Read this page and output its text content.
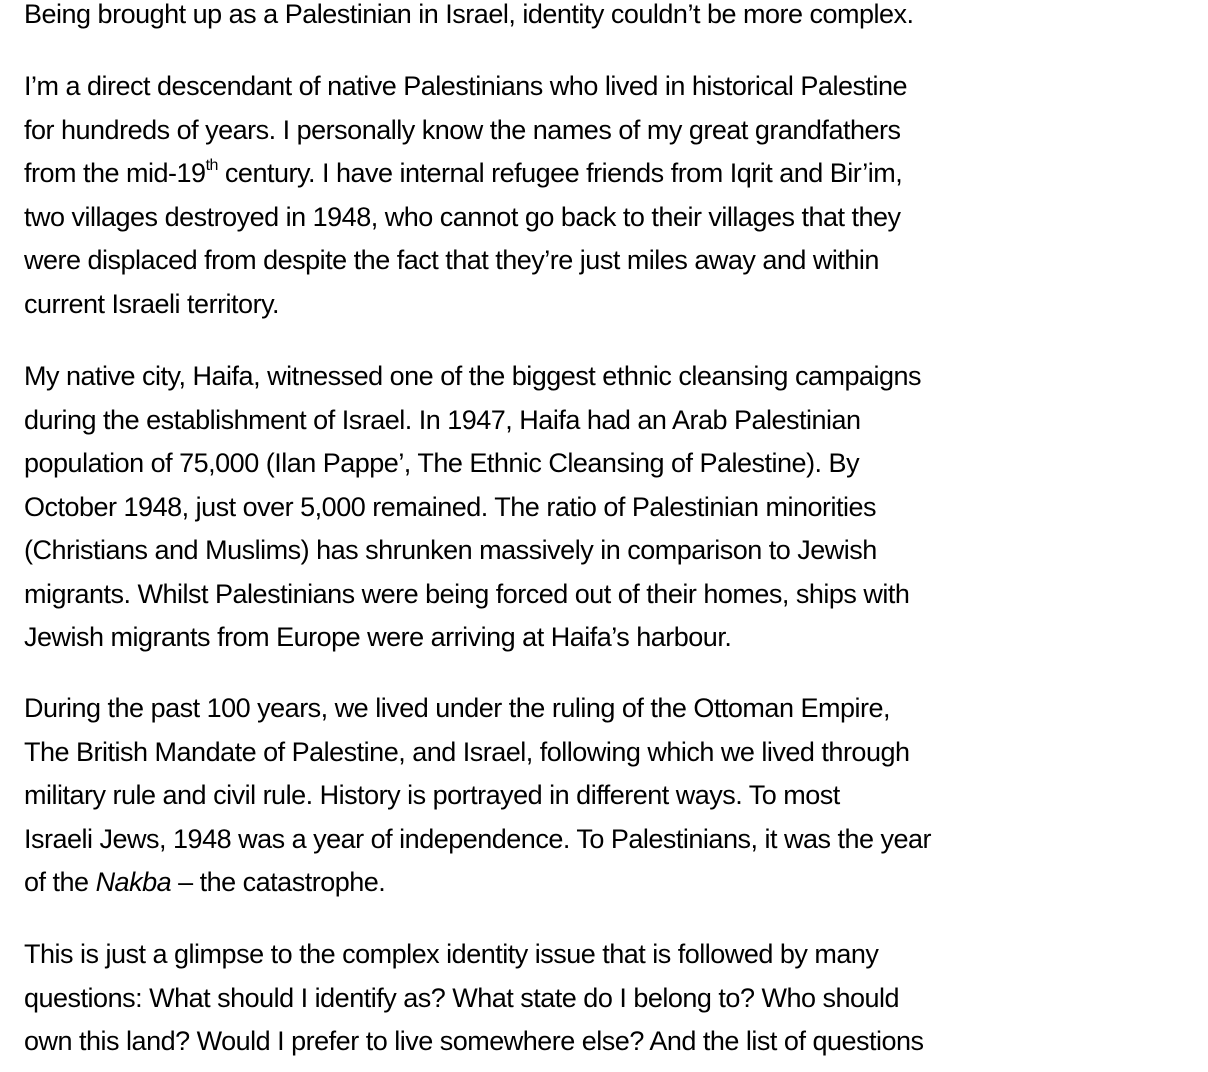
Being brought up as a Palestinian in Israel, identity couldn’t be more complex.

I’m a direct descendant of native Palestinians who lived in historical Palestine
for hundreds of years. I personally know the names of my great grandfathers
from the mid-19th century. I have internal refugee friends from Iqrit and Bir’im,
two villages destroyed in 1948, who cannot go back to their villages that they
were displaced from despite the fact that they’re just miles away and within
current Israeli territory.

My native city, Haifa, witnessed one of the biggest ethnic cleansing campaigns
during the establishment of Israel. In 1947, Haifa had an Arab Palestinian
population of 75,000 (Ilan Pappe’, The Ethnic Cleansing of Palestine). By
October 1948, just over 5,000 remained. The ratio of Palestinian minorities
(Christians and Muslims) has shrunken massively in comparison to Jewish
migrants. Whilst Palestinians were being forced out of their homes, ships with
Jewish migrants from Europe were arriving at Haifa’s harbour.

During the past 100 years, we lived under the ruling of the Ottoman Empire,
The British Mandate of Palestine, and Israel, following which we lived through
military rule and civil rule. History is portrayed in different ways. To most
Israeli Jews, 1948 was a year of independence. To Palestinians, it was the year
of the Nakba – the catastrophe.

This is just a glimpse to the complex identity issue that is followed by many
questions: What should I identify as? What state do I belong to? Who should
own this land? Would I prefer to live somewhere else? And the list of questions
